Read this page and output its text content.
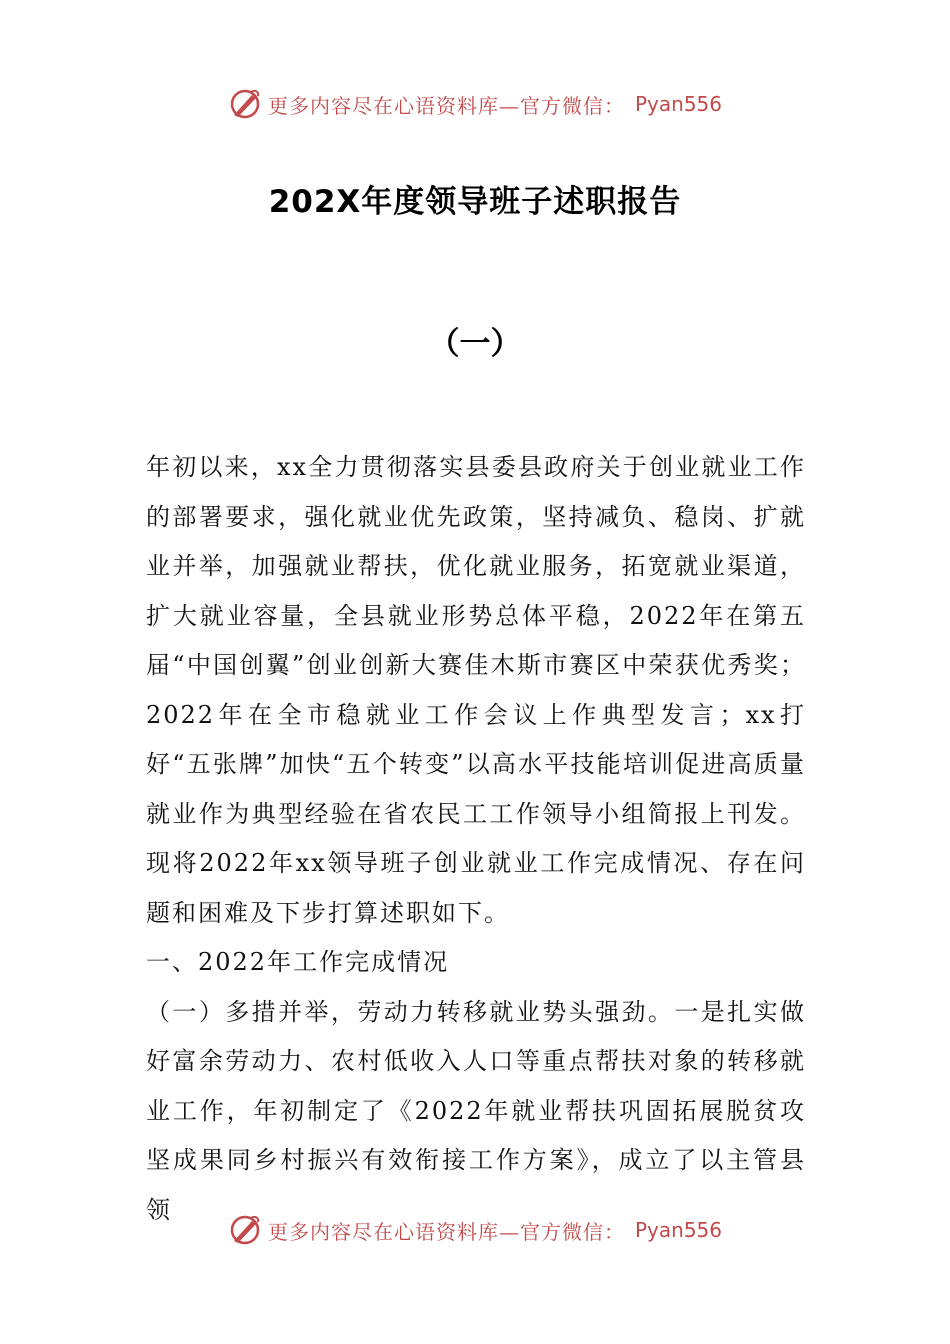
更多内容尽在心语资料库—官方微信： Pyan556
202X年度领导班子述职报告
（一）

年初以来，xx全力贯彻落实县委县政府关于创业就业工作的部署要求，强化就业优先政策，坚持减负、稳岗、扩就业并举，加强就业帮扶，优化就业服务，拓宽就业渠道，扩大就业容量，全县就业形势总体平稳，2022年在第五届“中国创翼”创业创新大赛佳木斯市赛区中荣获优秀奖；2022年在全市稳就业工作会议上作典型发言；xx打好“五张牌”加快“五个转变”以高水平技能培训促进高质量就业作为典型经验在省农民工工作领导小组简报上刊发。现将2022年xx领导班子创业就业工作完成情况、存在问题和困难及下步打算述职如下。

一、2022年工作完成情况

（一）多措并举，劳动力转移就业势头强劲。一是扎实做好富余劳动力、农村低收入人口等重点帮扶对象的转移就业工作，年初制定了《2022年就业帮扶巩固拓展脱贫攻坚成果同乡村振兴有效衔接工作方案》，成立了以主管县领

更多内容尽在心语资料库—官方微信： Pyan556
